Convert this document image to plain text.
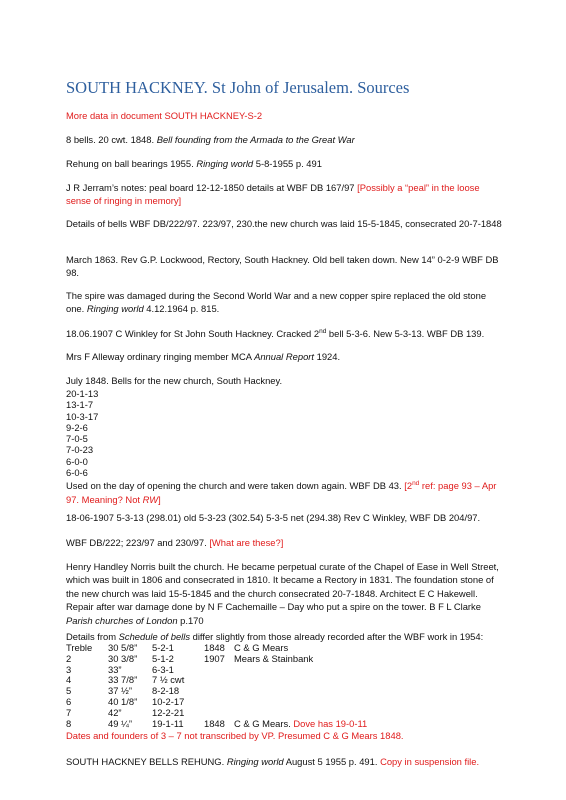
SOUTH HACKNEY. St John of Jerusalem. Sources

More data in document SOUTH HACKNEY-S-2

8 bells. 20 cwt. 1848. Bell founding from the Armada to the Great War

Rehung on ball bearings 1955. Ringing world 5-8-1955 p. 491

J R Jerram’s notes: peal board 12-12-1850 details at WBF DB 167/97 [Possibly a “peal” in the loose sense of ringing in memory]

Details of bells WBF DB/222/97. 223/97, 230.the new church was laid 15-5-1845, consecrated 20-7-1848

March 1863. Rev G.P. Lockwood, Rectory, South Hackney. Old bell taken down. New 14” 0-2-9 WBF DB 98.

The spire was damaged during the Second World War and a new copper spire replaced the old stone one. Ringing world 4.12.1964 p. 815.

18.06.1907 C Winkley for St John South Hackney. Cracked 2nd bell 5-3-6. New 5-3-13. WBF DB 139.

Mrs F Alleway ordinary ringing member MCA Annual Report 1924.

July 1848. Bells for the new church, South Hackney.

20-1-13
13-1-7
10-3-17
9-2-6
7-0-5
7-0-23
6-0-0
6-0-6

Used on the day of opening the church and were taken down again. WBF DB 43. [2nd ref: page 93 – Apr 97. Meaning? Not RW]

18-06-1907 5-3-13 (298.01) old 5-3-23 (302.54) 5-3-5 net (294.38) Rev C Winkley, WBF DB 204/97.

WBF DB/222; 223/97 and 230/97. [What are these?]

Henry Handley Norris built the church. He became perpetual curate of the Chapel of Ease in Well Street, which was built in 1806 and consecrated in 1810. It became a Rectory in 1831. The foundation stone of the new church was laid 15-5-1845 and the church consecrated 20-7-1848. Architect E C Hakewell. Repair after war damage done by N F Cachemaille – Day who put a spire on the tower. B F L Clarke Parish churches of London p.170

Details from Schedule of bells differ slightly from those already recorded after the WBF work in 1954:

Treble	30 5/8”	5-2-1	1848	C & G Mears
2	30 3/8”	5-1-2	1907	Mears & Stainbank
3	33”	6-3-1		
4	33 7/8”	7 ½ cwt		
5	37 ½”	8-2-18		
6	40 1/8”	10-2-17		
7	42”	12-2-21		
8	49 ¼”	19-1-11	1848	C & G Mears. Dove has 19-0-11

Dates and founders of 3 – 7 not transcribed by VP. Presumed C & G Mears 1848.

SOUTH HACKNEY BELLS REHUNG. Ringing world August 5 1955 p. 491. Copy in suspension file.
